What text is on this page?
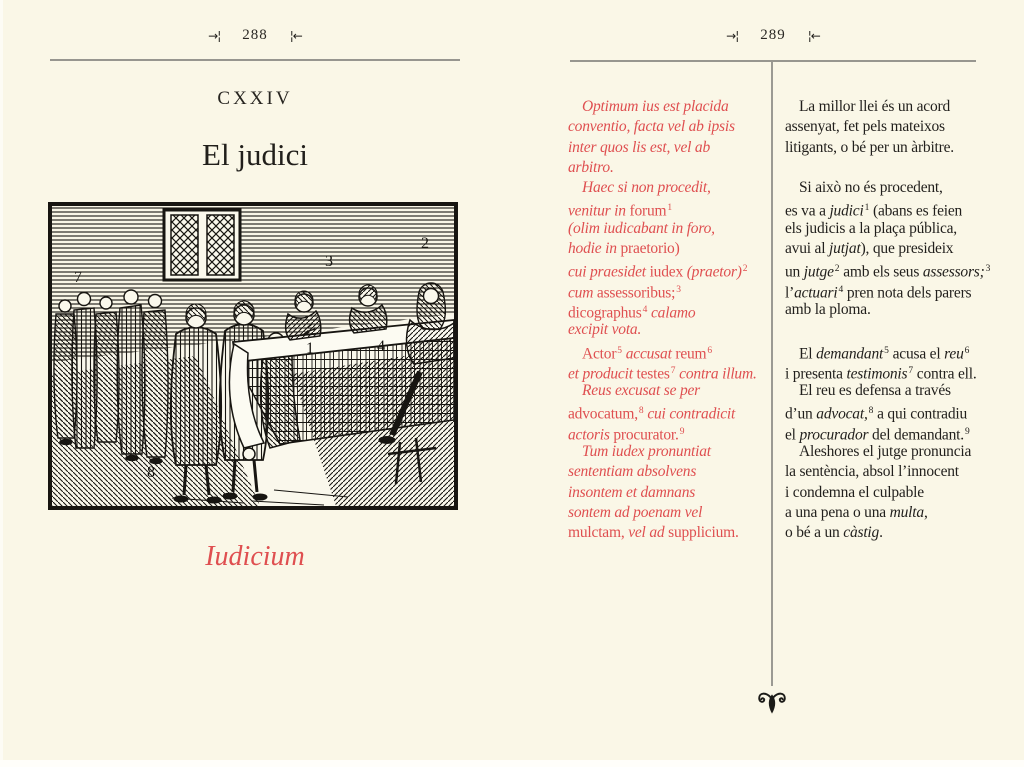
→¦ 288 ¦←
CXXIV
El judici
7
3
2
1	4
8
Iudicium
→¦ 289 ¦←
Optimum ius est placida
conventio, facta vel ab ipsis
inter quos lis est, vel ab
arbitro.
Haec si non procedit,
venitur in forum$^1$
(olim iudicabant in foro,
hodie in praetorio)
cui praesidet iudex (praetor)$^2$
cum assessoribus;$^3$
dicographus$^4$ calamo
excipit vota.
Actor$^5$ accusat reum$^6$
et producit testes$^7$ contra illum.
Reus excusat se per
advocatum,$^8$ cui contradicit
actoris procurator.$^9$
Tum iudex pronuntiat
sententiam absolvens
insontem et damnans
sontem ad poenam vel
mulctam, vel ad supplicium.
La millor llei és un acord
assenyat, fet pels mateixos
litigants, o bé per un àrbitre.

Si això no és procedent,
es va a judici$^1$ (abans es feien
els judicis a la plaça pública,
avui al jutjat), que presideix
un jutge$^2$ amb els seus assessors;$^3$
l’actuari$^4$ pren nota dels parers
amb la ploma.

El demandant$^5$ acusa el reu$^6$
i presenta testimonis$^7$ contra ell.
El reu es defensa a través
d’un advocat,$^8$ a qui contradiu
el procurador del demandant.$^9$
Aleshores el jutge pronuncia
la sentència, absol l’innocent
i condemna el culpable
a una pena o una multa,
o bé a un càstig.
